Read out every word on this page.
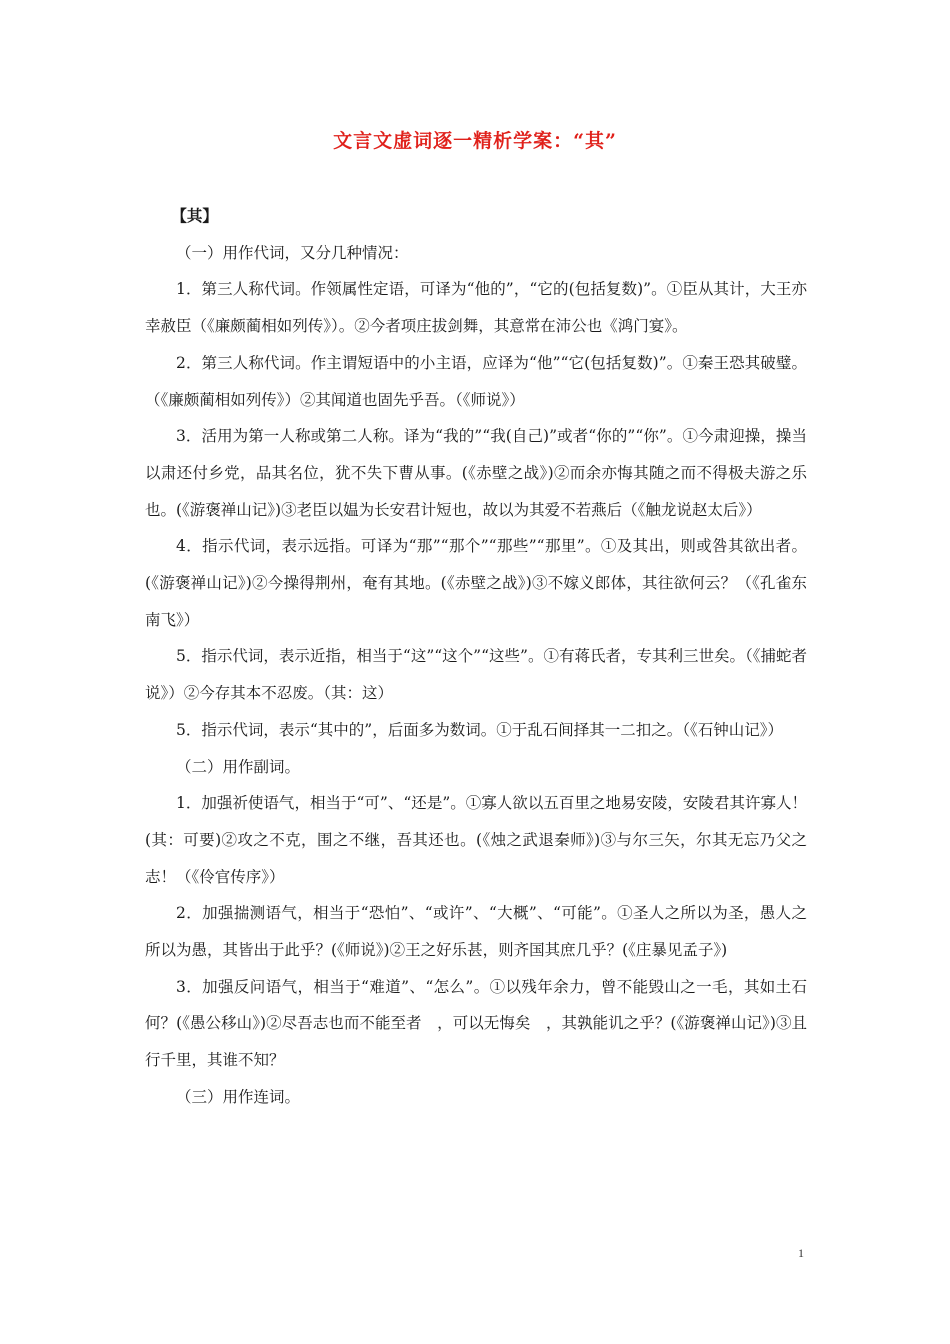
文言文虚词逐一精析学案：“其”

【其】

（一）用作代词，又分几种情况：

1．第三人称代词。作领属性定语，可译为“他的”，“它的(包括复数)”。①臣从其计，大王亦幸赦臣（《廉颇蔺相如列传》）。②今者项庄拔剑舞，其意常在沛公也《鸿门宴》。

2．第三人称代词。作主谓短语中的小主语，应译为“他”“它(包括复数)”。①秦王恐其破璧。（《廉颇蔺相如列传》）②其闻道也固先乎吾。（《师说》）

3．活用为第一人称或第二人称。译为“我的”“我(自己)”或者“你的”“你”。①今肃迎操，操当以肃还付乡党，品其名位，犹不失下曹从事。(《赤壁之战》)②而余亦悔其随之而不得极夫游之乐也。(《游褒禅山记》)③老臣以媪为长安君计短也，故以为其爱不若燕后（《触龙说赵太后》）

4．指示代词，表示远指。可译为“那”“那个”“那些”“那里”。①及其出，则或咎其欲出者。(《游褒禅山记》)②今操得荆州，奄有其地。(《赤壁之战》)③不嫁义郎体，其往欲何云？（《孔雀东南飞》）

5．指示代词，表示近指，相当于“这”“这个”“这些”。①有蒋氏者，专其利三世矣。（《捕蛇者说》）②今存其本不忍废。（其：这）

5．指示代词，表示“其中的”，后面多为数词。①于乱石间择其一二扣之。（《石钟山记》）

（二）用作副词。

1．加强祈使语气，相当于“可”、“还是”。①寡人欲以五百里之地易安陵，安陵君其许寡人！(其：可要)②攻之不克，围之不继，吾其还也。(《烛之武退秦师》)③与尔三矢，尔其无忘乃父之志！（《伶官传序》）

2．加强揣测语气，相当于“恐怕”、“或许”、“大概”、“可能”。①圣人之所以为圣，愚人之所以为愚，其皆出于此乎？(《师说》)②王之好乐甚，则齐国其庶几乎？(《庄暴见孟子》)

3．加强反问语气，相当于“难道”、“怎么”。①以残年余力，曾不能毁山之一毛，其如土石何？(《愚公移山》)②尽吾志也而不能至者　，可以无悔矣　，其孰能讥之乎？(《游褒禅山记》)③且行千里，其谁不知？

（三）用作连词。

1
